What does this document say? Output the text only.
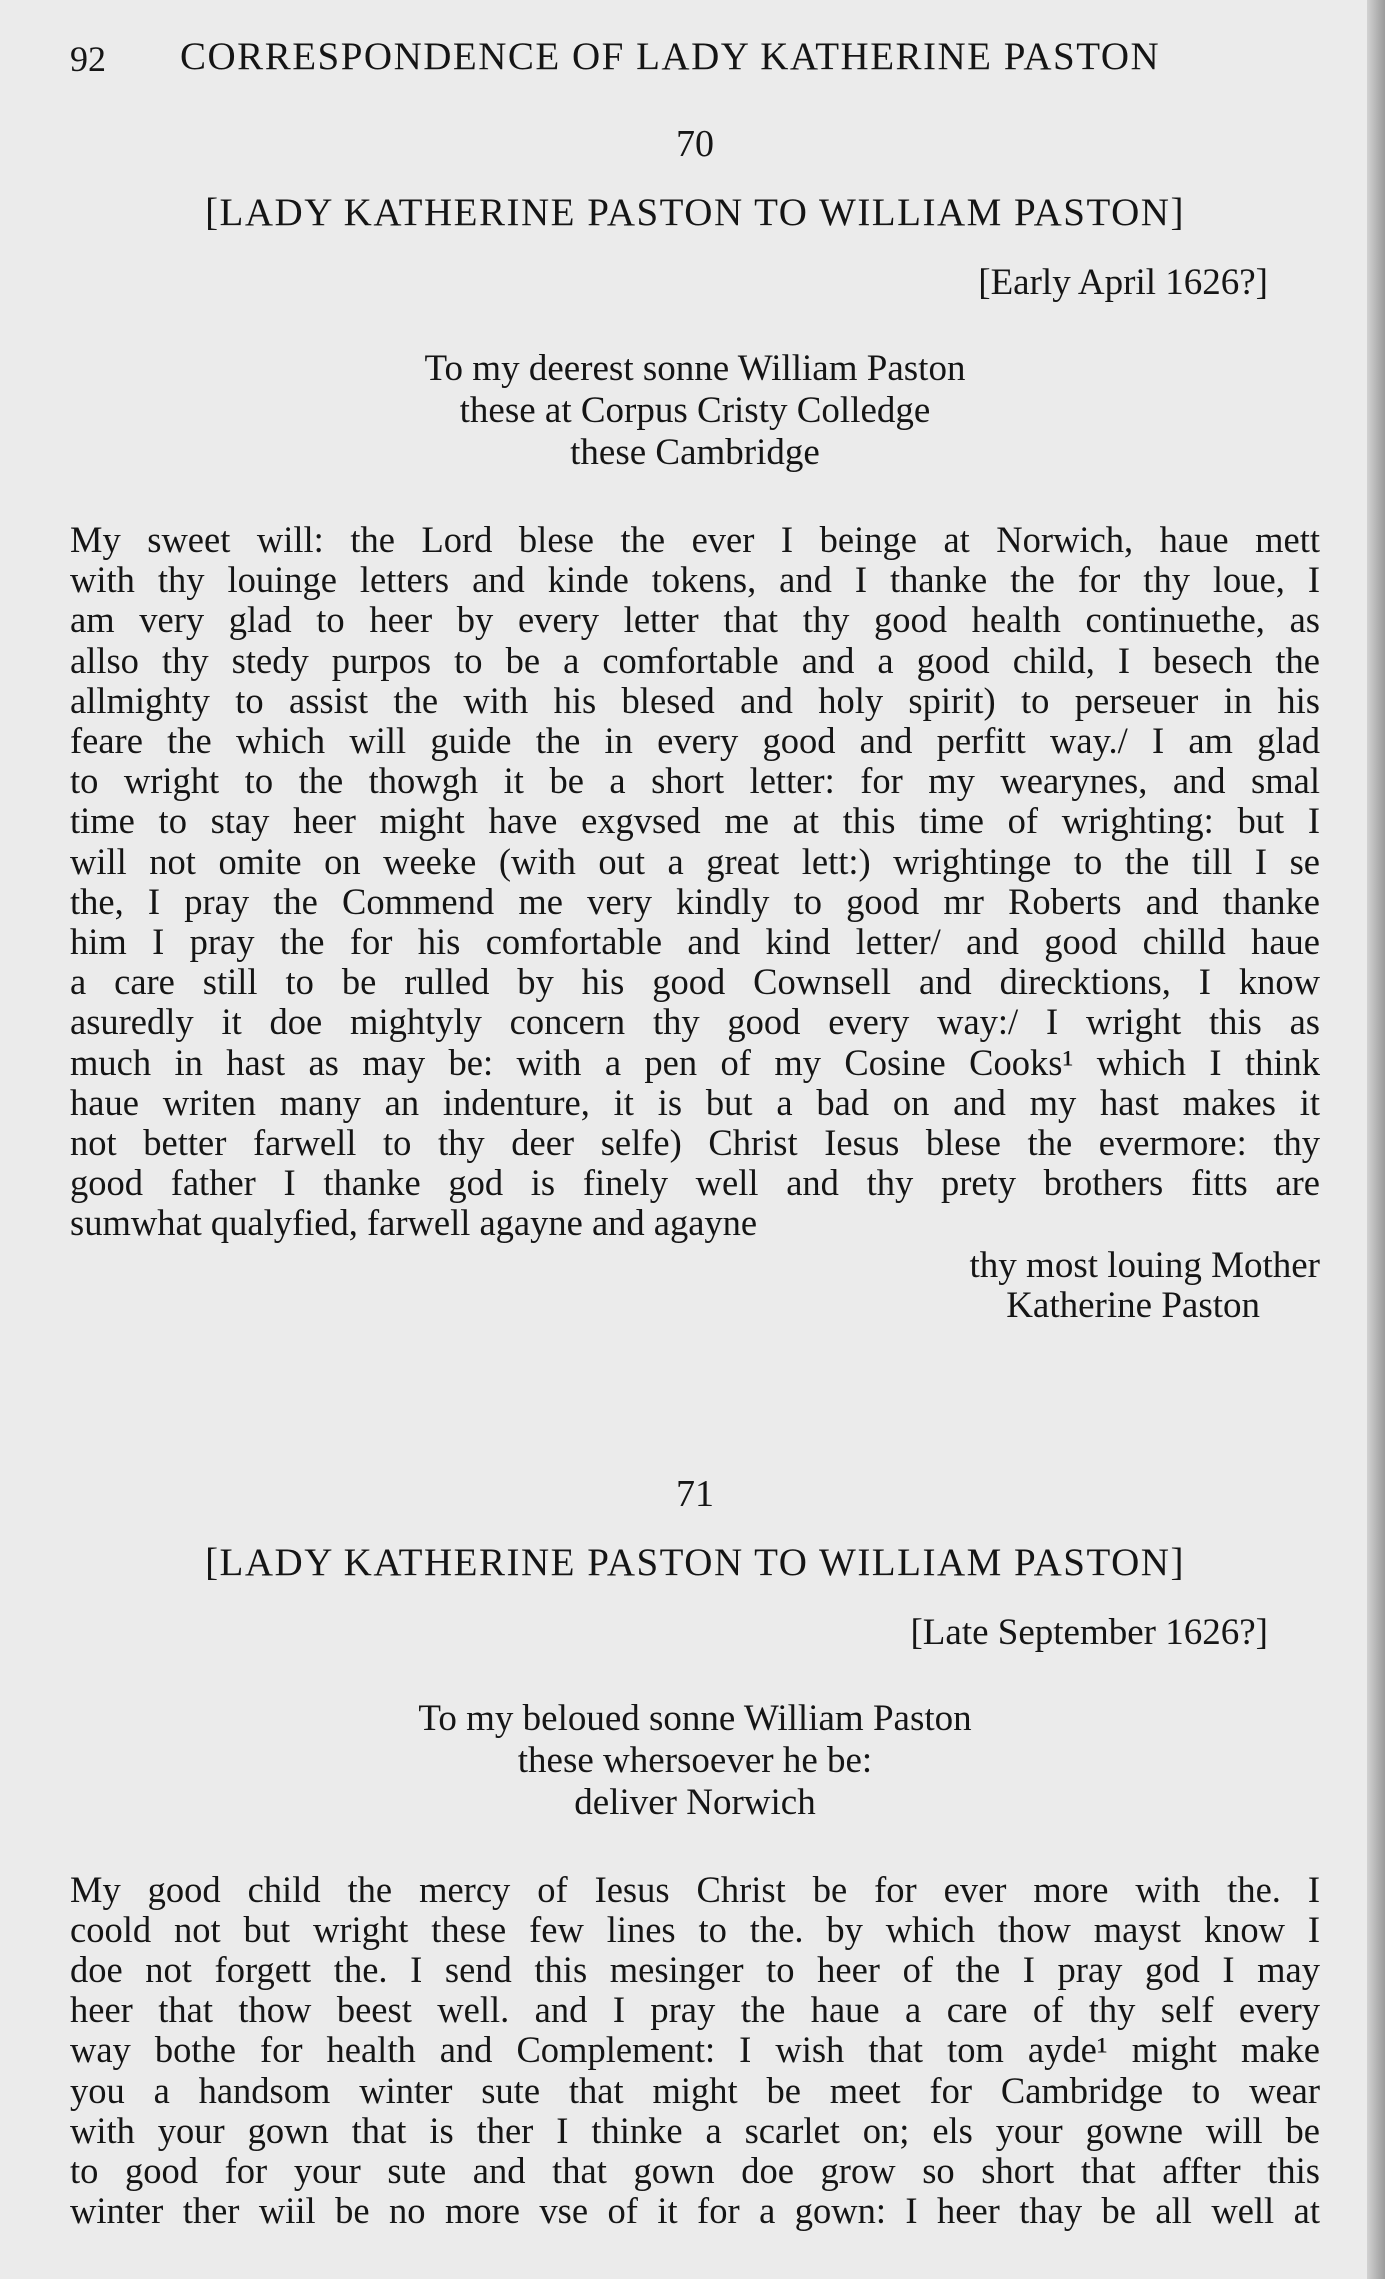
92 CORRESPONDENCE OF LADY KATHERINE PASTON
70
[LADY KATHERINE PASTON TO WILLIAM PASTON]
[Early April 1626?]
To my deerest sonne William Paston
these at Corpus Cristy Colledge
these Cambridge
My sweet will: the Lord blese the ever I beinge at Norwich, haue mett
with thy louinge letters and kinde tokens, and I thanke the for thy loue, I
am very glad to heer by every letter that thy good health continuethe, as
allso thy stedy purpos to be a comfortable and a good child, I besech the
allmighty to assist the with his blesed and holy spirit) to perseuer in his
feare the which will guide the in every good and perfitt way./ I am glad
to wright to the thowgh it be a short letter: for my wearynes, and smal
time to stay heer might have exgvsed me at this time of wrighting: but I
will not omite on weeke (with out a great lett:) wrightinge to the till I se
the, I pray the Commend me very kindly to good mr Roberts and thanke
him I pray the for his comfortable and kind letter/ and good chilld haue
a care still to be rulled by his good Cownsell and direcktions, I know
asuredly it doe mightyly concern thy good every way:/ I wright this as
much in hast as may be: with a pen of my Cosine Cooks¹ which I think
haue writen many an indenture, it is but a bad on and my hast makes it
not better farwell to thy deer selfe) Christ Iesus blese the evermore: thy
good father I thanke god is finely well and thy prety brothers fitts are
sumwhat qualyfied, farwell agayne and agayne
thy most louing Mother
Katherine Paston
71
[LADY KATHERINE PASTON TO WILLIAM PASTON]
[Late September 1626?]
To my beloued sonne William Paston
these whersoever he be:
deliver Norwich
My good child the mercy of Iesus Christ be for ever more with the. I
coold not but wright these few lines to the. by which thow mayst know I
doe not forgett the. I send this mesinger to heer of the I pray god I may
heer that thow beest well. and I pray the haue a care of thy self every
way bothe for health and Complement: I wish that tom ayde¹ might make
you a handsom winter sute that might be meet for Cambridge to wear
with your gown that is ther I thinke a scarlet on; els your gowne will be
to good for your sute and that gown doe grow so short that affter this
winter ther wiil be no more vse of it for a gown: I heer thay be all well at
